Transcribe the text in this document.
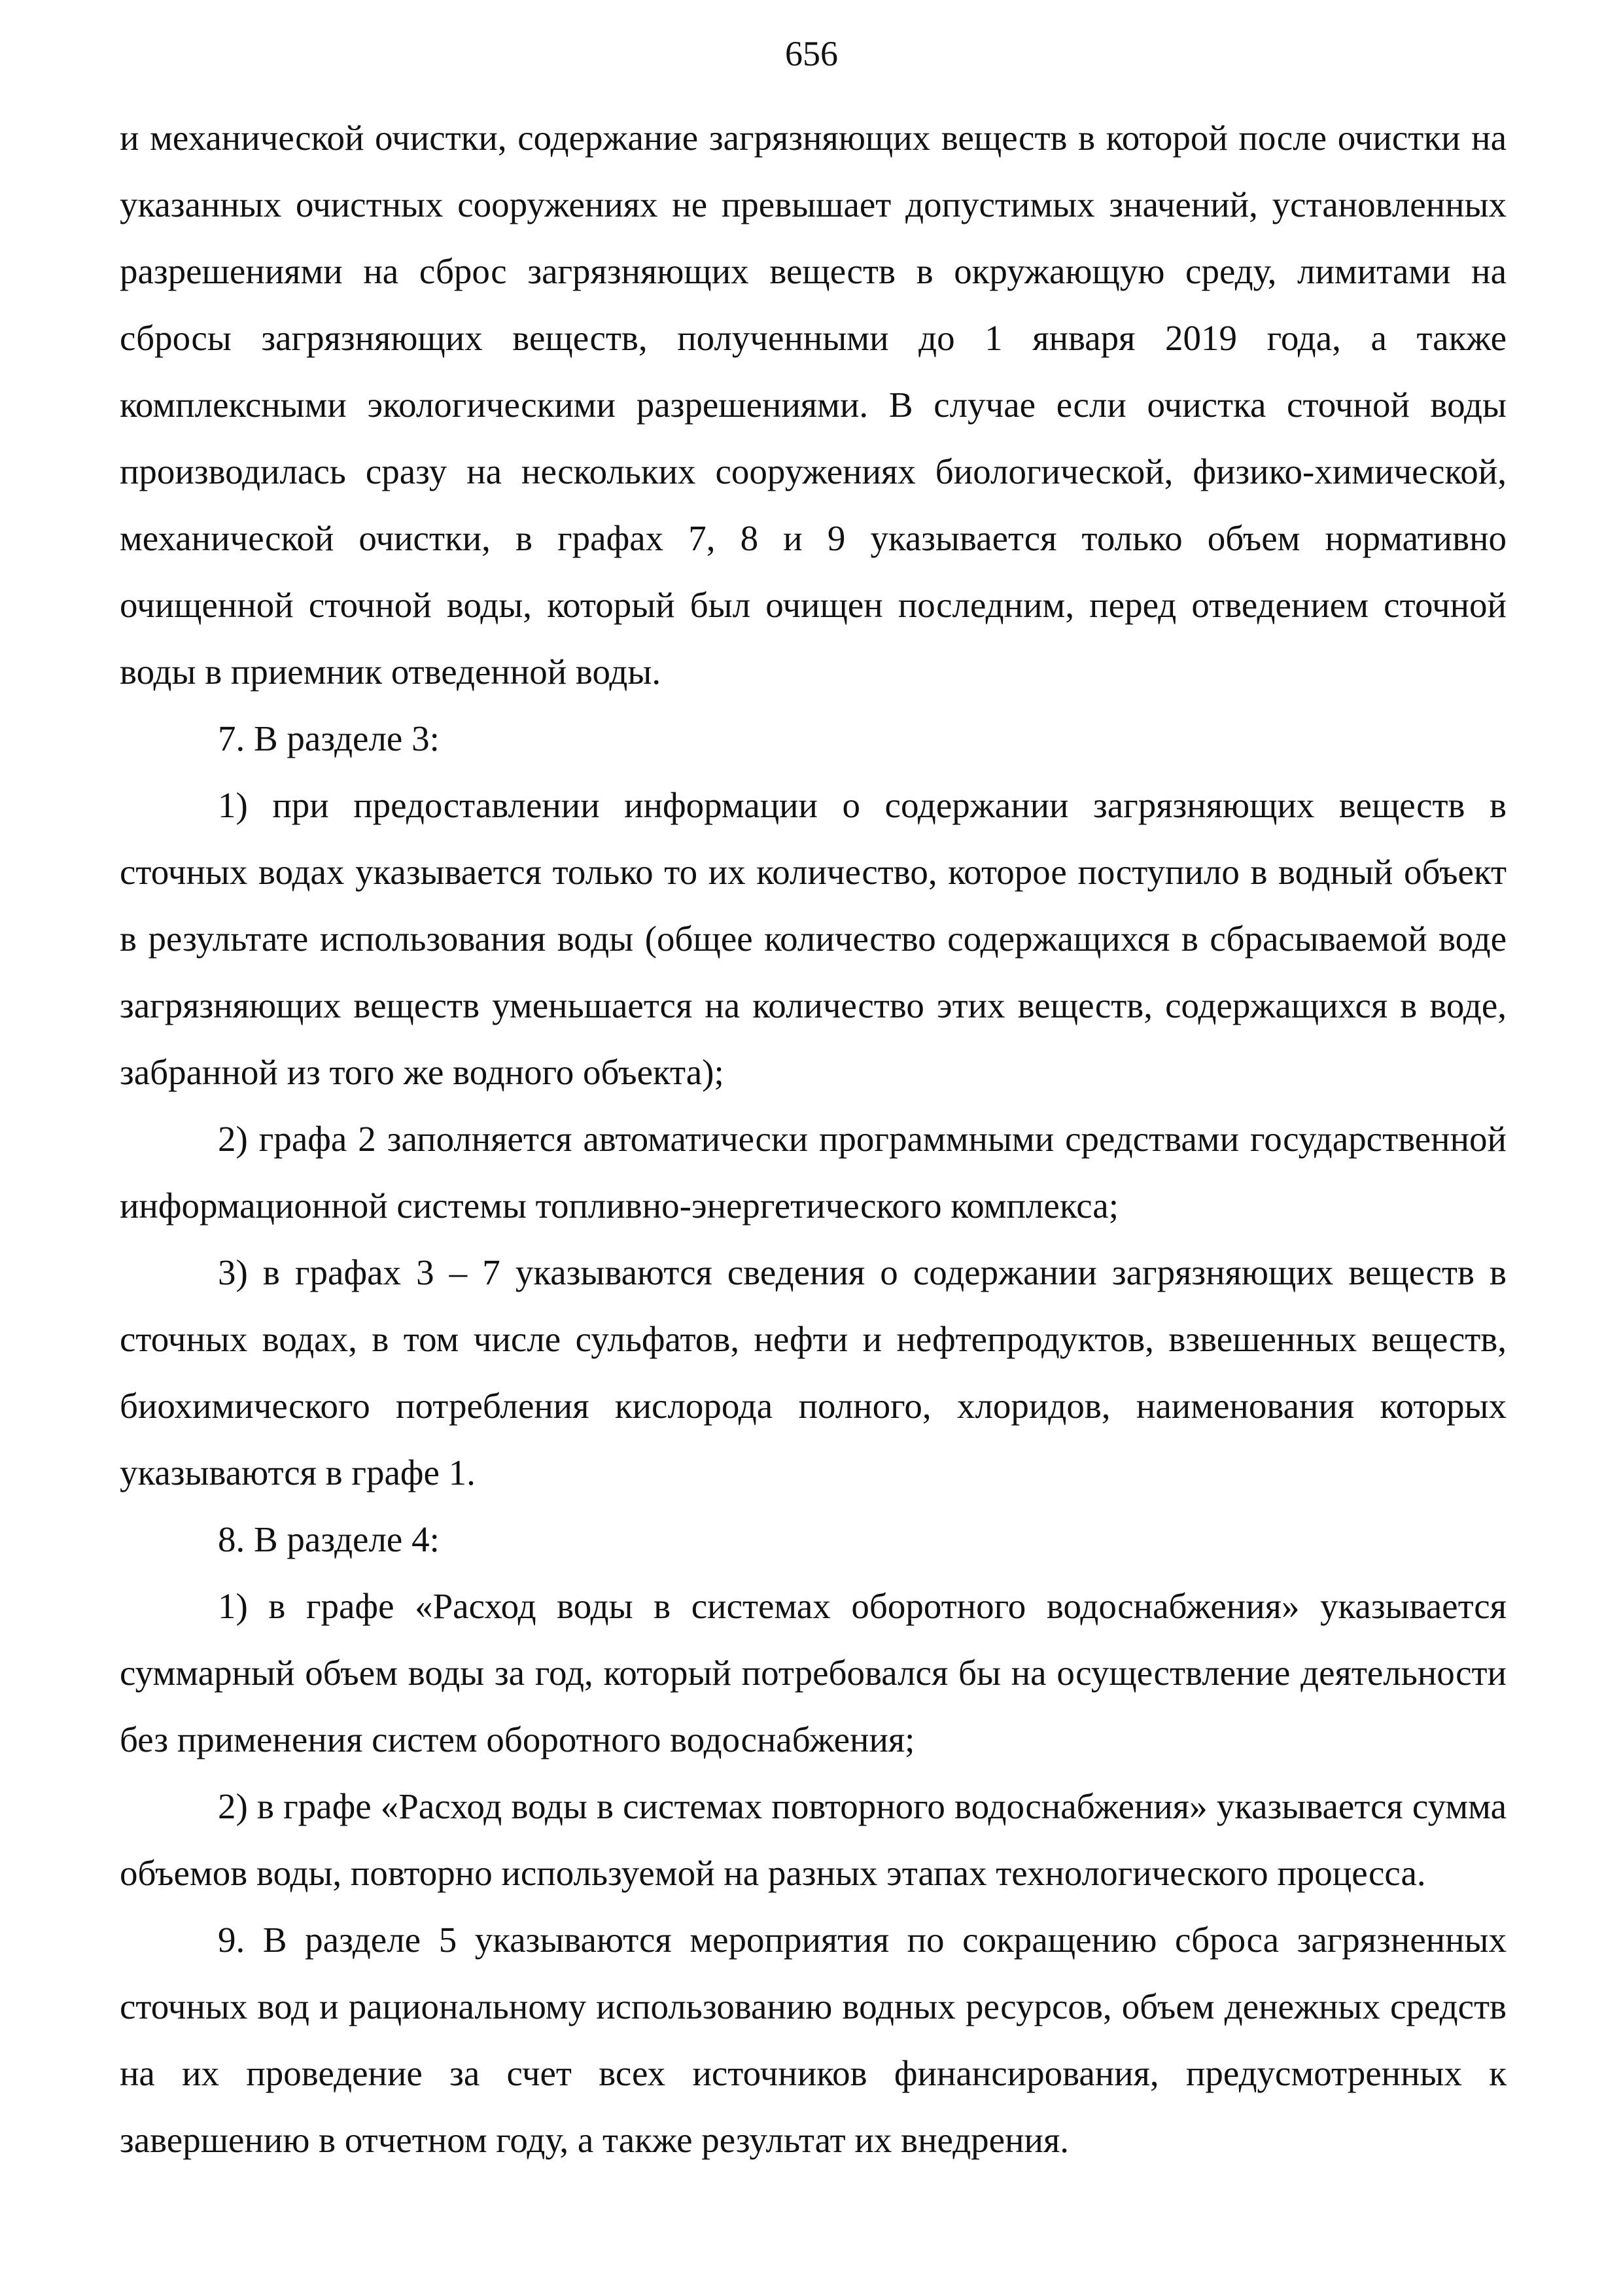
656

и механической очистки, содержание загрязняющих веществ в которой после очистки на указанных очистных сооружениях не превышает допустимых значений, установленных разрешениями на сброс загрязняющих веществ в окружающую среду, лимитами на сбросы загрязняющих веществ, полученными до 1 января 2019 года, а также комплексными экологическими разрешениями. В случае если очистка сточной воды производилась сразу на нескольких сооружениях биологической, физико-химической, механической очистки, в графах 7, 8 и 9 указывается только объем нормативно очищенной сточной воды, который был очищен последним, перед отведением сточной воды в приемник отведенной воды.

7. В разделе 3:

1) при предоставлении информации о содержании загрязняющих веществ в сточных водах указывается только то их количество, которое поступило в водный объект в результате использования воды (общее количество содержащихся в сбрасываемой воде загрязняющих веществ уменьшается на количество этих веществ, содержащихся в воде, забранной из того же водного объекта);

2) графа 2 заполняется автоматически программными средствами государственной информационной системы топливно-энергетического комплекса;

3) в графах 3 – 7 указываются сведения о содержании загрязняющих веществ в сточных водах, в том числе сульфатов, нефти и нефтепродуктов, взвешенных веществ, биохимического потребления кислорода полного, хлоридов, наименования которых указываются в графе 1.

8. В разделе 4:

1) в графе «Расход воды в системах оборотного водоснабжения» указывается суммарный объем воды за год, который потребовался бы на осуществление деятельности без применения систем оборотного водоснабжения;

2) в графе «Расход воды в системах повторного водоснабжения» указывается сумма объемов воды, повторно используемой на разных этапах технологического процесса.

9. В разделе 5 указываются мероприятия по сокращению сброса загрязненных сточных вод и рациональному использованию водных ресурсов, объем денежных средств на их проведение за счет всех источников финансирования, предусмотренных к завершению в отчетном году, а также результат их внедрения.
